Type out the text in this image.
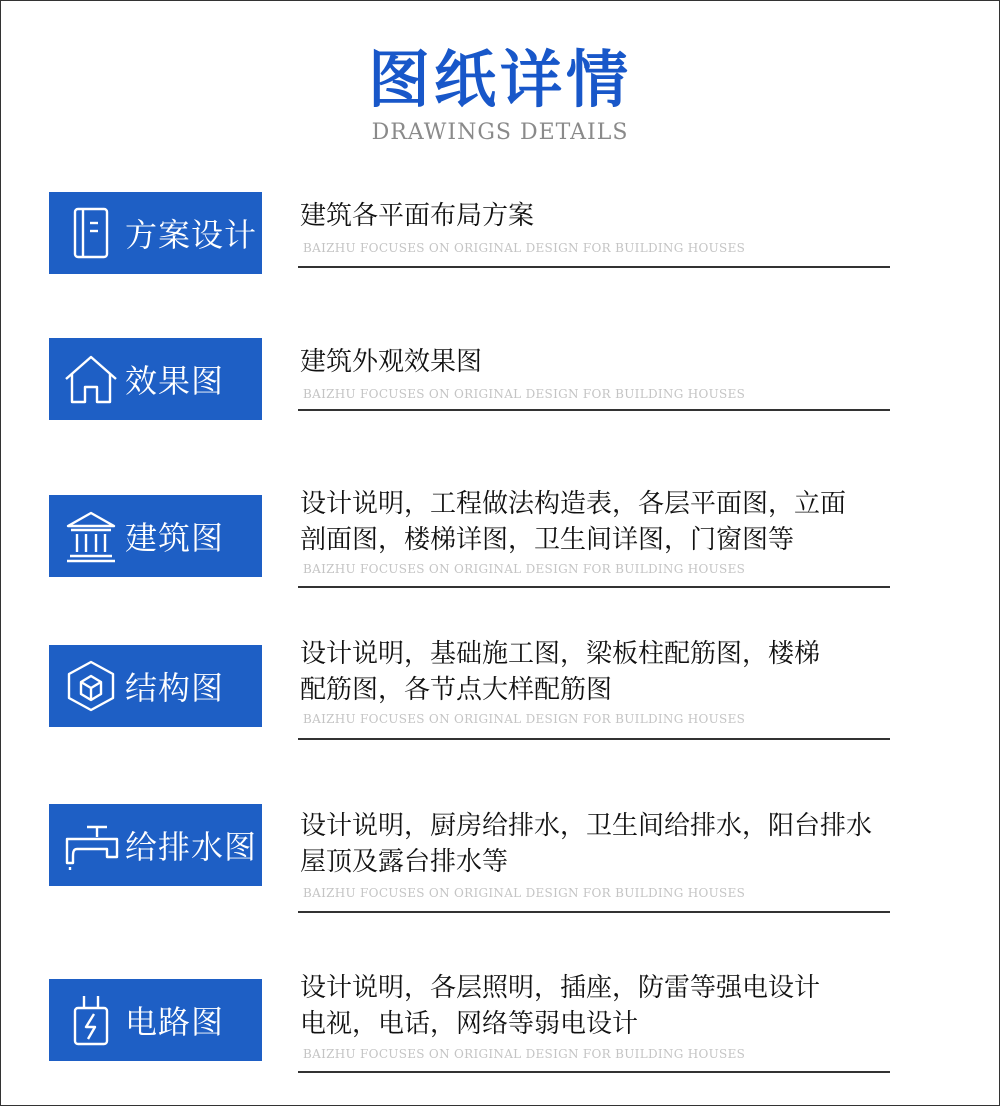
图纸详情
DRAWINGS DETAILS
方案设计 建筑各平面布局方案
BAIZHU FOCUSES ON ORIGINAL DESIGN FOR BUILDING HOUSES
效果图	建筑外观效果图
BAIZHU FOCUSES ON ORIGINAL DESIGN FOR BUILDING HOUSES
建筑图
设计说明，工程做法构造表，各层平面图，立面
剖面图，楼梯详图，卫生间详图，门窗图等
BAIZHU FOCUSES ON ORIGINAL DESIGN FOR BUILDING HOUSES
结构图
设计说明，基础施工图，梁板柱配筋图，楼梯
配筋图，各节点大样配筋图
BAIZHU FOCUSES ON ORIGINAL DESIGN FOR BUILDING HOUSES
给排水图
设计说明，厨房给排水，卫生间给排水，阳台排水
屋顶及露台排水等
BAIZHU FOCUSES ON ORIGINAL DESIGN FOR BUILDING HOUSES
电路图
设计说明，各层照明，插座，防雷等强电设计
电视，电话，网络等弱电设计
BAIZHU FOCUSES ON ORIGINAL DESIGN FOR BUILDING HOUSES
